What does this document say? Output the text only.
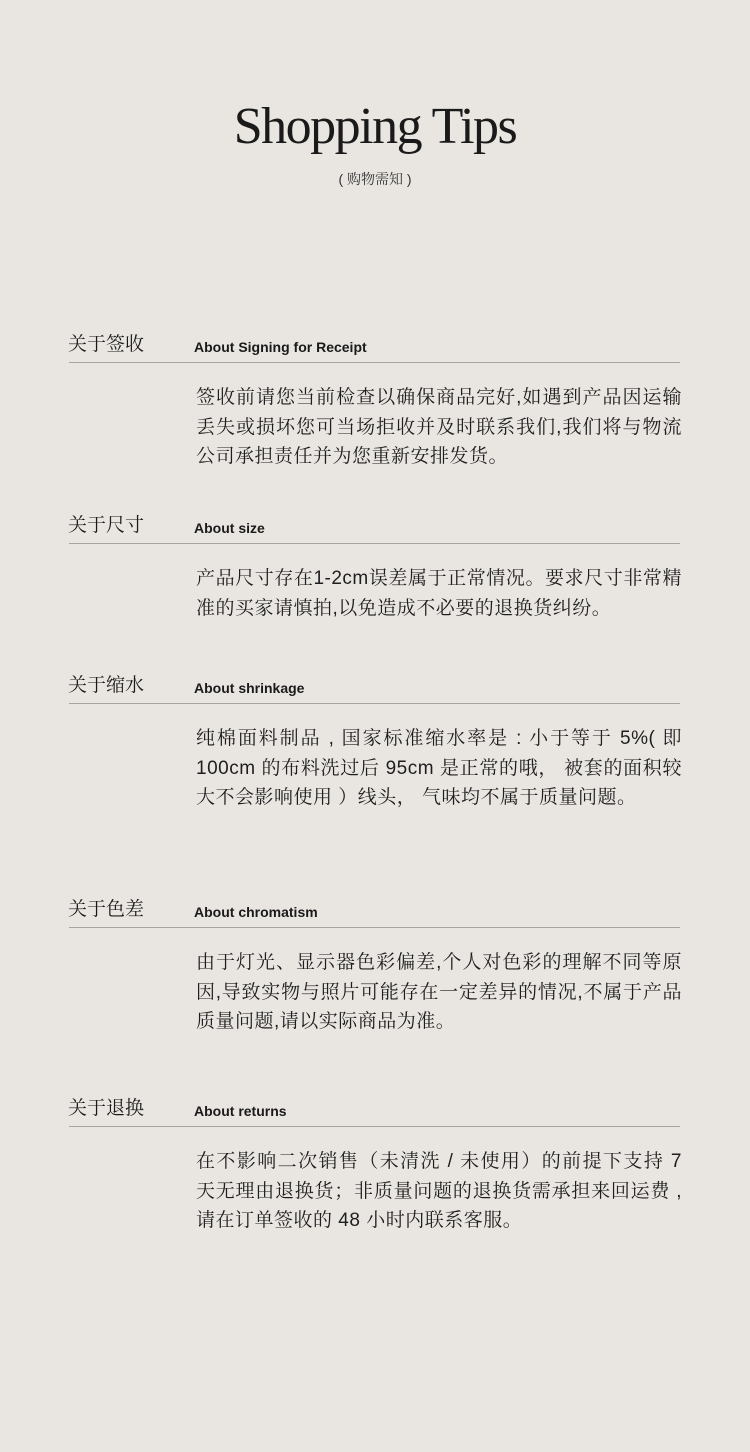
Shopping Tips
( 购物需知 )
关于签收	About Signing for Receipt
签收前请您当前检查以确保商品完好,如遇到产品因运输丢失或损坏您可当场拒收并及时联系我们,我们将与物流公司承担责任并为您重新安排发货。
关于尺寸	About size
产品尺寸存在1-2cm误差属于正常情况。要求尺寸非常精准的买家请慎拍,以免造成不必要的退换货纠纷。
关于缩水	About shrinkage
纯棉面料制品 , 国家标准缩水率是 : 小于等于 5%( 即 100cm 的布料洗过后 95cm 是正常的哦， 被套的面积较大不会影响使用 ）线头， 气味均不属于质量问题。
关于色差	About chromatism
由于灯光、显示器色彩偏差,个人对色彩的理解不同等原因,导致实物与照片可能存在一定差异的情况,不属于产品质量问题,请以实际商品为准。
关于退换	About returns
在不影响二次销售（未清洗 / 未使用）的前提下支持 7 天无理由退换货；非质量问题的退换货需承担来回运费 , 请在订单签收的 48 小时内联系客服。
